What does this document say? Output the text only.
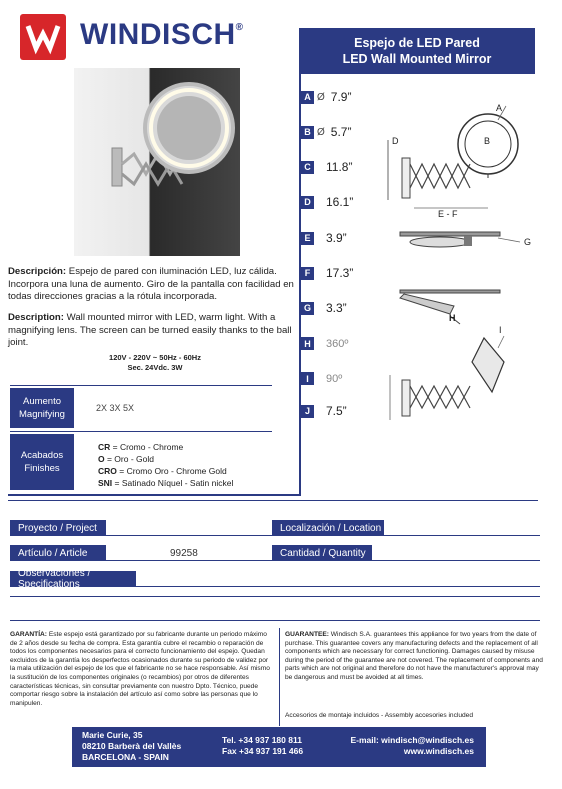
WINDISCH®
Espejo de LED Pared
LED Wall Mounted Mirror
A Ø 7.9”
B Ø 5.7”
C 11.8”
D 16.1”
E 3.9”
F	17.3”
G 3.3”
H 360º
I	90º
J	7.5”
A
B
D
E - F
G
H
I
Descripción: Espejo de pared con iluminación LED, luz cálida. Incorpora una luna de aumento. Giro de la pantalla con facilidad en todas direcciones gracias a la rótula incorporada.
Description: Wall mounted mirror with LED, warm light. With a magnifying lens. The screen can be turned easily thanks to the ball joint.
120V - 220V ~ 50Hz - 60Hz
Sec. 24Vdc. 3W
Aumento
Magnifying
2X 3X 5X
Acabados
Finishes
CR = Cromo - Chrome
O = Oro - Gold
CRO = Cromo Oro - Chrome Gold
SNI = Satinado Níquel - Satin nickel
Proyecto / Project	Localización / Location
Artículo / Article	99258	Cantidad / Quantity
Observaciones / Specifications
GARANTÍA: Este espejo está garantizado por su fabricante durante un periodo máximo de 2 años desde su fecha de compra. Esta garantía cubre el recambio o reparación de todos los componentes necesarios para el correcto funcionamiento del espejo. Quedan excluidos de la garantía los desperfectos ocasionados durante su periodo de validez por la mala utilización del espejo de los que el fabricante no se hace responsable. Así mismo la sustitución de los componentes originales (o recambios) por otros de diferentes características técnicas, sin consultar previamente con nuestro Dpto. Técnico, puede comportar riesgo sobre la instalación del artículo así como sobre las personas que lo manipulen.
GUARANTEE: Windisch S.A. guarantees this appliance for two years from the date of purchase. This guarantee covers any manufacturing defects and the replacement of all components which are necessary for correct functioning. Damages caused by misuse during the period of the guarantee are not covered. The replacement of components and parts which are not original and therefore do not have the manufacturer's approval may be dangerous and must be avoided at all times.
Accesorios de montaje incluidos - Assembly accesories included
Marie Curie, 35
08210 Barberà del Vallès
BARCELONA - SPAIN
Tel. +34 937 180 811
Fax +34 937 191 466
E-mail: windisch@windisch.es
www.windisch.es
